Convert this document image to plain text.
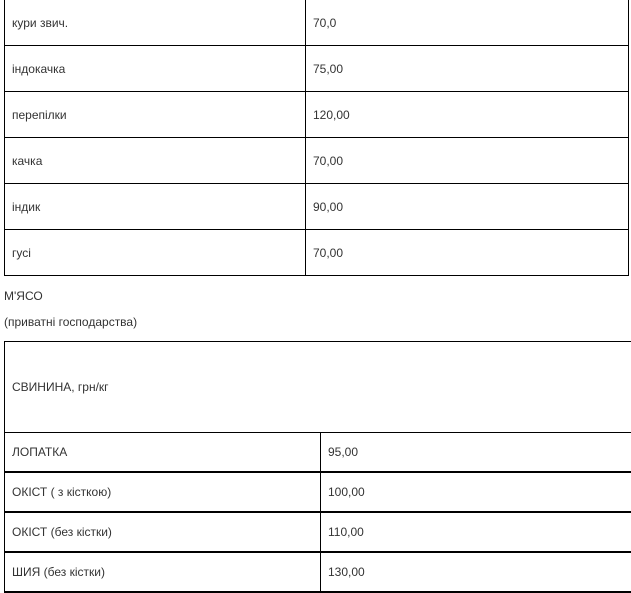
кури звич.	70,0
індокачка	75,00
перепілки	120,00
качка	70,00
індик	90,00
гусі	70,00

М'ЯСО

(приватні господарства)

СВИНИНА, грн/кг	
ЛОПАТКА	95,00
ОКІСТ ( з кісткою)	100,00
ОКІСТ (без кістки)	110,00
ШИЯ (без кістки)	130,00
